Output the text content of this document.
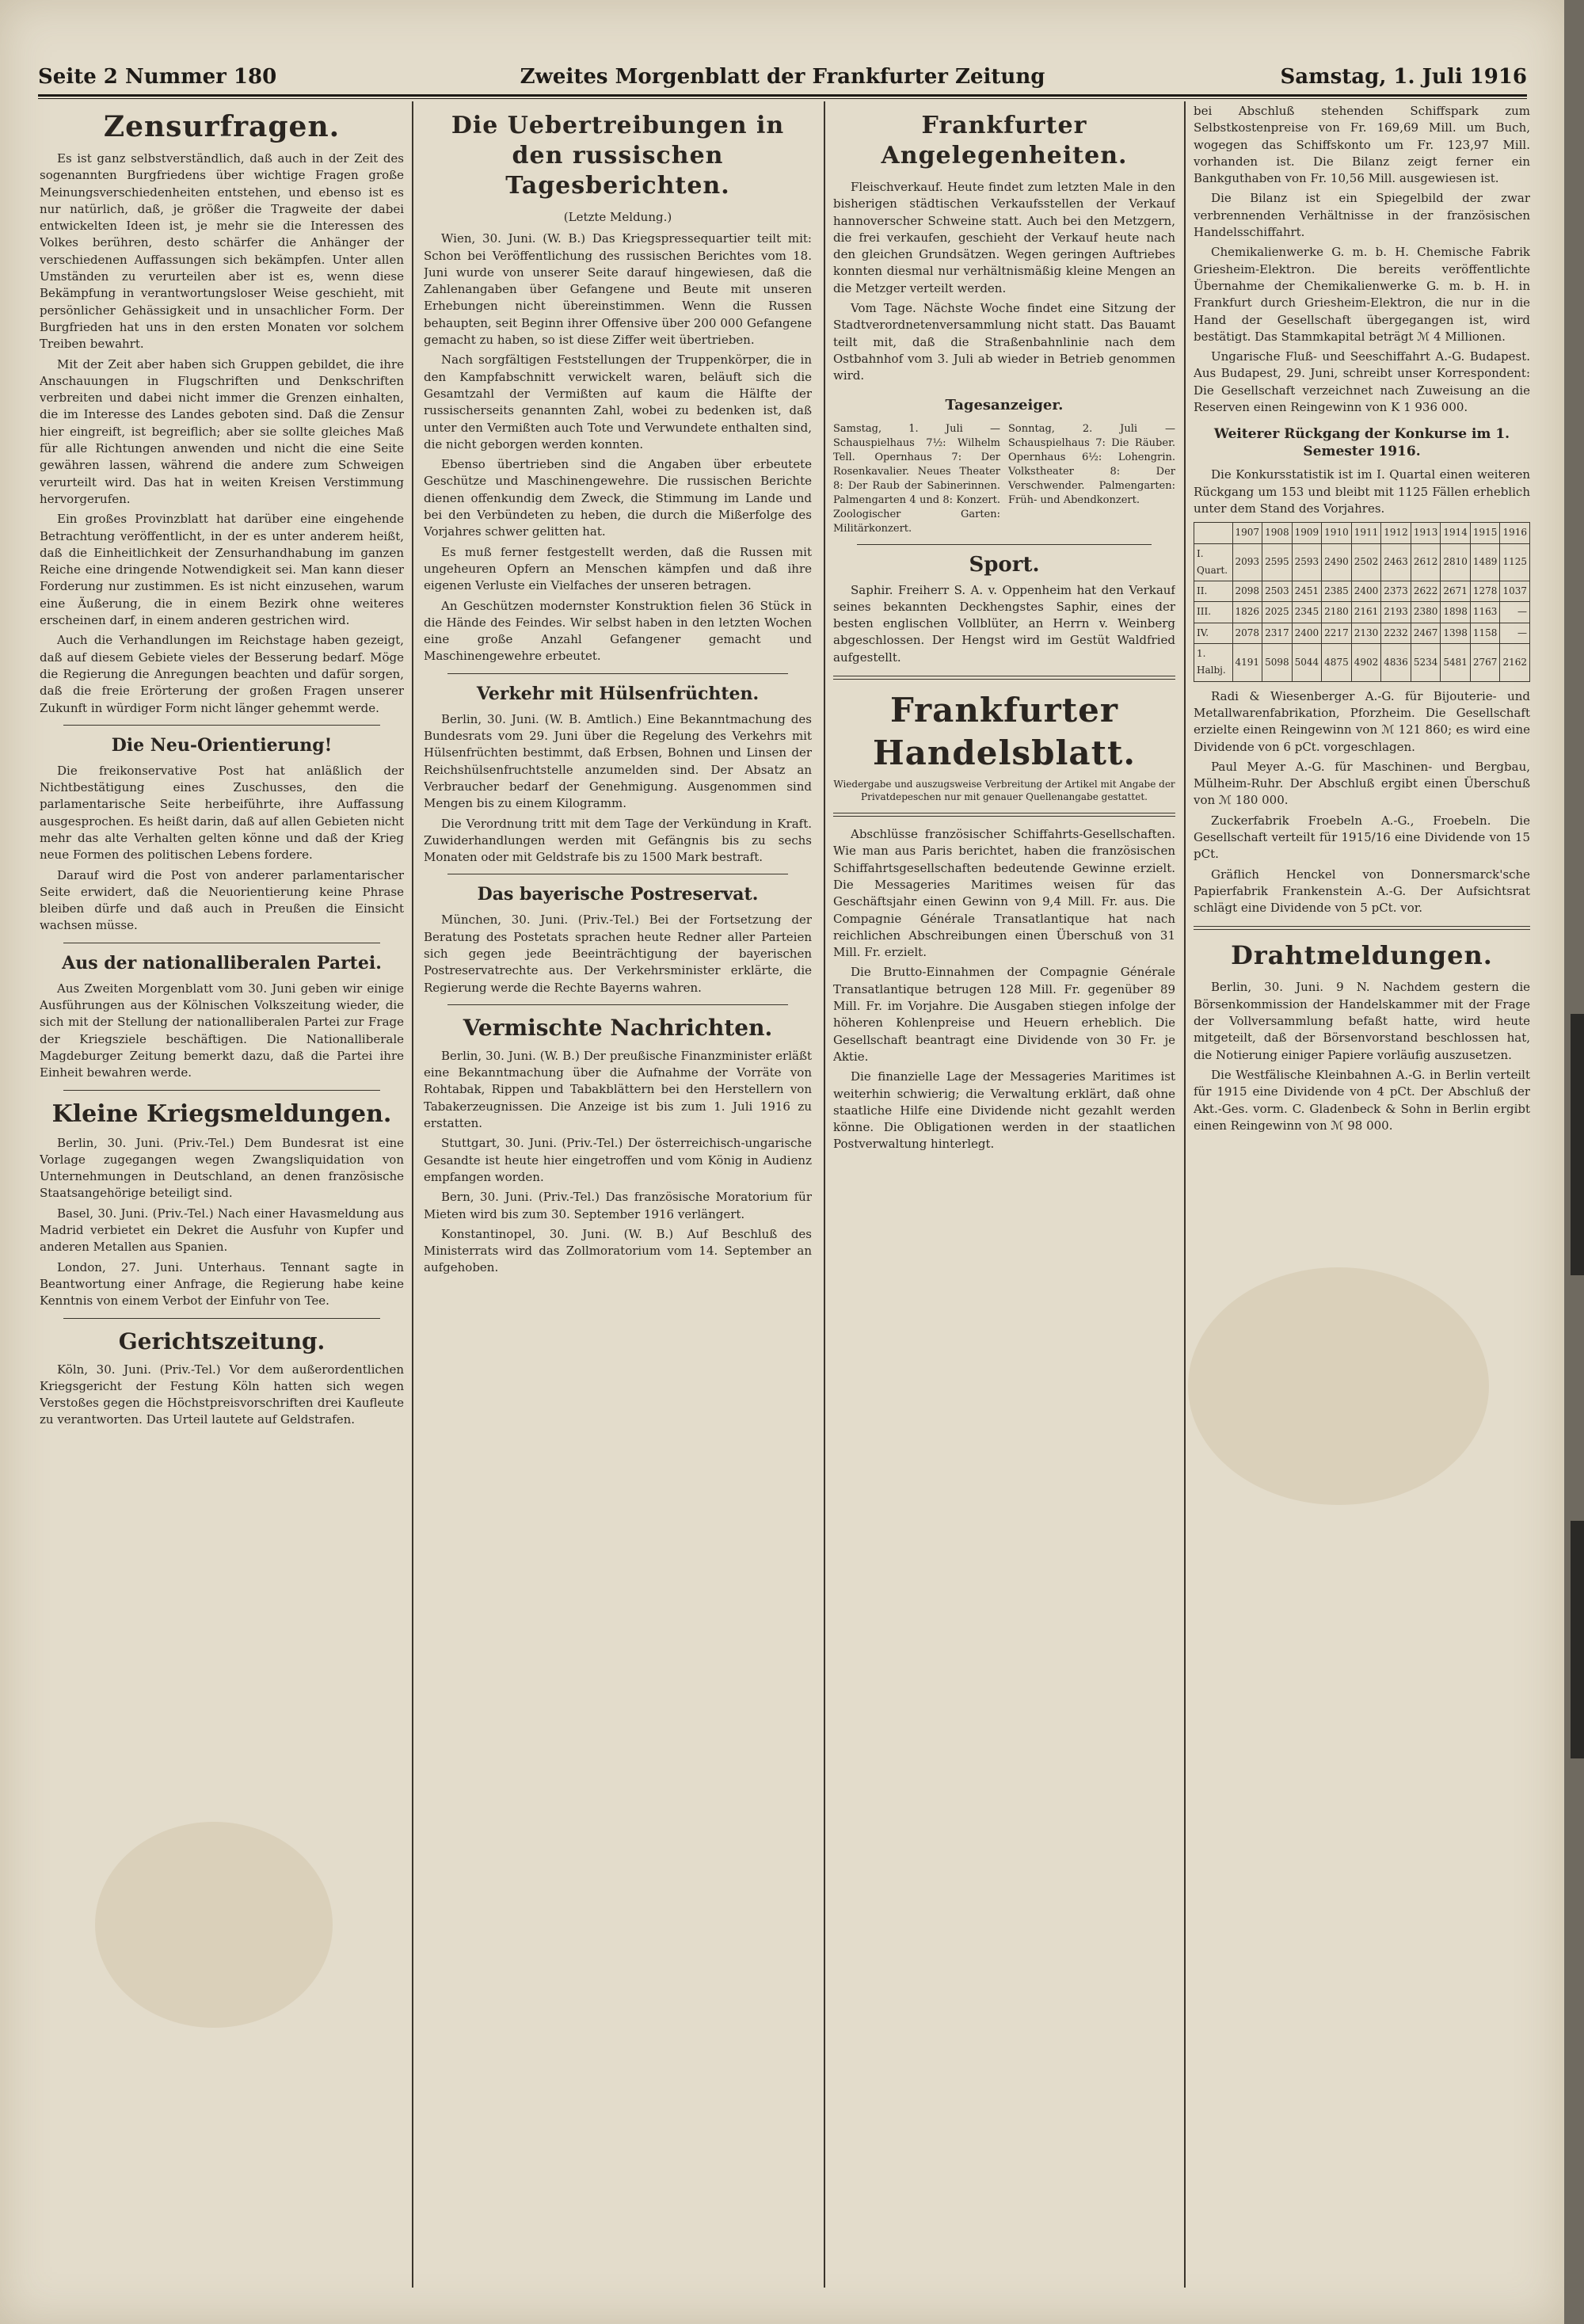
Seite 2 Nummer 180	Zweites Morgenblatt der Frankfurter Zeitung	Samstag, 1. Juli 1916
Zensurfragen.

Es ist ganz selbstverständlich, daß auch in der Zeit des sogenannten Burgfriedens über wichtige Fragen große Meinungsverschiedenheiten entstehen, und ebenso ist es nur natürlich, daß, je größer die Tragweite der dabei entwickelten Ideen ist, je mehr sie die Interessen des Volkes berühren, desto schärfer die Anhänger der verschiedenen Auffassungen sich bekämpfen. Unter allen Umständen zu verurteilen aber ist es, wenn diese Bekämpfung in verantwortungsloser Weise geschieht, mit persönlicher Gehässigkeit und in unsachlicher Form. Der Burgfrieden hat uns in den ersten Monaten vor solchem Treiben bewahrt.

Mit der Zeit aber haben sich Gruppen gebildet, die ihre Anschauungen in Flugschriften und Denkschriften verbreiten und dabei nicht immer die Grenzen einhalten, die im Interesse des Landes geboten sind. Daß die Zensur hier eingreift, ist begreiflich; aber sie sollte gleiches Maß für alle Richtungen anwenden und nicht die eine Seite gewähren lassen, während die andere zum Schweigen verurteilt wird. Das hat in weiten Kreisen Verstimmung hervorgerufen.

Ein großes Provinzblatt hat darüber eine eingehende Betrachtung veröffentlicht, in der es unter anderem heißt, daß die Einheitlichkeit der Zensurhandhabung im ganzen Reiche eine dringende Notwendigkeit sei. Man kann dieser Forderung nur zustimmen. Es ist nicht einzusehen, warum eine Äußerung, die in einem Bezirk ohne weiteres erscheinen darf, in einem anderen gestrichen wird.

Auch die Verhandlungen im Reichstage haben gezeigt, daß auf diesem Gebiete vieles der Besserung bedarf. Möge die Regierung die Anregungen beachten und dafür sorgen, daß die freie Erörterung der großen Fragen unserer Zukunft in würdiger Form nicht länger gehemmt werde.

Die Neu-Orientierung!

Die freikonservative Post hat anläßlich der Nichtbestätigung eines Zuschusses, den die parlamentarische Seite herbeiführte, ihre Auffassung ausgesprochen. Es heißt darin, daß auf allen Gebieten nicht mehr das alte Verhalten gelten könne und daß der Krieg neue Formen des politischen Lebens fordere.

Darauf wird die Post von anderer parlamentarischer Seite erwidert, daß die Neuorientierung keine Phrase bleiben dürfe und daß auch in Preußen die Einsicht wachsen müsse.

Aus der nationalliberalen Partei.

Aus Zweiten Morgenblatt vom 30. Juni geben wir einige Ausführungen aus der Kölnischen Volkszeitung wieder, die sich mit der Stellung der nationalliberalen Partei zur Frage der Kriegsziele beschäftigen. Die Nationalliberale Magdeburger Zeitung bemerkt dazu, daß die Partei ihre Einheit bewahren werde.

Kleine Kriegsmeldungen.

Berlin, 30. Juni. (Priv.-Tel.) Dem Bundesrat ist eine Vorlage zugegangen wegen Zwangsliquidation von Unternehmungen in Deutschland, an denen französische Staatsangehörige beteiligt sind.

Basel, 30. Juni. (Priv.-Tel.) Nach einer Havasmeldung aus Madrid verbietet ein Dekret die Ausfuhr von Kupfer und anderen Metallen aus Spanien.

London, 27. Juni. Unterhaus. Tennant sagte in Beantwortung einer Anfrage, die Regierung habe keine Kenntnis von einem Verbot der Einfuhr von Tee.

Gerichtszeitung.

Köln, 30. Juni. (Priv.-Tel.) Vor dem außerordentlichen Kriegsgericht der Festung Köln hatten sich wegen Verstoßes gegen die Höchstpreisvorschriften drei Kaufleute zu verantworten. Das Urteil lautete auf Geldstrafen.

Die Uebertreibungen in den russischen Tagesberichten.
(Letzte Meldung.)

Wien, 30. Juni. (W. B.) Das Kriegspressequartier teilt mit: Schon bei Veröffentlichung des russischen Berichtes vom 18. Juni wurde von unserer Seite darauf hingewiesen, daß die Zahlenangaben über Gefangene und Beute mit unseren Erhebungen nicht übereinstimmen. Wenn die Russen behaupten, seit Beginn ihrer Offensive über 200 000 Gefangene gemacht zu haben, so ist diese Ziffer weit übertrieben.

Nach sorgfältigen Feststellungen der Truppenkörper, die in den Kampfabschnitt verwickelt waren, beläuft sich die Gesamtzahl der Vermißten auf kaum die Hälfte der russischerseits genannten Zahl, wobei zu bedenken ist, daß unter den Vermißten auch Tote und Verwundete enthalten sind, die nicht geborgen werden konnten.

Ebenso übertrieben sind die Angaben über erbeutete Geschütze und Maschinengewehre. Die russischen Berichte dienen offenkundig dem Zweck, die Stimmung im Lande und bei den Verbündeten zu heben, die durch die Mißerfolge des Vorjahres schwer gelitten hat.

Es muß ferner festgestellt werden, daß die Russen mit ungeheuren Opfern an Menschen kämpfen und daß ihre eigenen Verluste ein Vielfaches der unseren betragen.

An Geschützen modernster Konstruktion fielen 36 Stück in die Hände des Feindes. Wir selbst haben in den letzten Wochen eine große Anzahl Gefangener gemacht und Maschinengewehre erbeutet.

Verkehr mit Hülsenfrüchten.

Berlin, 30. Juni. (W. B. Amtlich.) Eine Bekanntmachung des Bundesrats vom 29. Juni über die Regelung des Verkehrs mit Hülsenfrüchten bestimmt, daß Erbsen, Bohnen und Linsen der Reichshülsenfruchtstelle anzumelden sind. Der Absatz an Verbraucher bedarf der Genehmigung. Ausgenommen sind Mengen bis zu einem Kilogramm.

Die Verordnung tritt mit dem Tage der Verkündung in Kraft. Zuwiderhandlungen werden mit Gefängnis bis zu sechs Monaten oder mit Geldstrafe bis zu 1500 Mark bestraft.

Das bayerische Postreservat.

München, 30. Juni. (Priv.-Tel.) Bei der Fortsetzung der Beratung des Postetats sprachen heute Redner aller Parteien sich gegen jede Beeinträchtigung der bayerischen Postreservatrechte aus. Der Verkehrsminister erklärte, die Regierung werde die Rechte Bayerns wahren.

Vermischte Nachrichten.

Berlin, 30. Juni. (W. B.) Der preußische Finanzminister erläßt eine Bekanntmachung über die Aufnahme der Vorräte von Rohtabak, Rippen und Tabakblättern bei den Herstellern von Tabakerzeugnissen. Die Anzeige ist bis zum 1. Juli 1916 zu erstatten.

Stuttgart, 30. Juni. (Priv.-Tel.) Der österreichisch-ungarische Gesandte ist heute hier eingetroffen und vom König in Audienz empfangen worden.

Bern, 30. Juni. (Priv.-Tel.) Das französische Moratorium für Mieten wird bis zum 30. September 1916 verlängert.

Konstantinopel, 30. Juni. (W. B.) Auf Beschluß des Ministerrats wird das Zollmoratorium vom 14. September an aufgehoben.

Frankfurter Angelegenheiten.

Fleischverkauf. Heute findet zum letzten Male in den bisherigen städtischen Verkaufsstellen der Verkauf hannoverscher Schweine statt. Auch bei den Metzgern, die frei verkaufen, geschieht der Verkauf heute nach den gleichen Grundsätzen. Wegen geringen Auftriebes konnten diesmal nur verhältnismäßig kleine Mengen an die Metzger verteilt werden.

Vom Tage. Nächste Woche findet eine Sitzung der Stadtverordnetenversammlung nicht statt. Das Bauamt teilt mit, daß die Straßenbahnlinie nach dem Ostbahnhof vom 3. Juli ab wieder in Betrieb genommen wird.

Tagesanzeiger.
Samstag, 1. Juli — Schauspielhaus 7½: Wilhelm Tell. Opernhaus 7: Der Rosenkavalier. Neues Theater 8: Der Raub der Sabinerinnen. Palmengarten 4 und 8: Konzert. Zoologischer Garten: Militärkonzert.
Sonntag, 2. Juli — Schauspielhaus 7: Die Räuber. Opernhaus 6½: Lohengrin. Volkstheater 8: Der Verschwender. Palmengarten: Früh- und Abendkonzert.
Sport.

Saphir. Freiherr S. A. v. Oppenheim hat den Verkauf seines bekannten Deckhengstes Saphir, eines der besten englischen Vollblüter, an Herrn v. Weinberg abgeschlossen. Der Hengst wird im Gestüt Waldfried aufgestellt.

Frankfurter Handelsblatt.
Wiedergabe und auszugsweise Verbreitung der Artikel mit Angabe der Privatdepeschen nur mit genauer Quellenangabe gestattet.

Abschlüsse französischer Schiffahrts-Gesellschaften. Wie man aus Paris berichtet, haben die französischen Schiffahrtsgesellschaften bedeutende Gewinne erzielt. Die Messageries Maritimes weisen für das Geschäftsjahr einen Gewinn von 9,4 Mill. Fr. aus. Die Compagnie Générale Transatlantique hat nach reichlichen Abschreibungen einen Überschuß von 31 Mill. Fr. erzielt.

Die Brutto-Einnahmen der Compagnie Générale Transatlantique betrugen 128 Mill. Fr. gegenüber 89 Mill. Fr. im Vorjahre. Die Ausgaben stiegen infolge der höheren Kohlenpreise und Heuern erheblich. Die Gesellschaft beantragt eine Dividende von 30 Fr. je Aktie.

Die finanzielle Lage der Messageries Maritimes ist weiterhin schwierig; die Verwaltung erklärt, daß ohne staatliche Hilfe eine Dividende nicht gezahlt werden könne. Die Obligationen werden in der staatlichen Postverwaltung hinterlegt.

bei Abschluß stehenden Schiffspark zum Selbstkostenpreise von Fr. 169,69 Mill. um Buch, wogegen das Schiffskonto um Fr. 123,97 Mill. vorhanden ist. Die Bilanz zeigt ferner ein Bankguthaben von Fr. 10,56 Mill. ausgewiesen ist.

Die Bilanz ist ein Spiegelbild der zwar verbrennenden Verhältnisse in der französischen Handelsschiffahrt.

Chemikalienwerke G. m. b. H. Chemische Fabrik Griesheim-Elektron. Die bereits veröffentlichte Übernahme der Chemikalienwerke G. m. b. H. in Frankfurt durch Griesheim-Elektron, die nur in die Hand der Gesellschaft übergegangen ist, wird bestätigt. Das Stammkapital beträgt ℳ 4 Millionen.

Ungarische Fluß- und Seeschiffahrt A.-G. Budapest. Aus Budapest, 29. Juni, schreibt unser Korrespondent: Die Gesellschaft verzeichnet nach Zuweisung an die Reserven einen Reingewinn von K 1 936 000.

Weiterer Rückgang der Konkurse im 1. Semester 1916.

Die Konkursstatistik ist im I. Quartal einen weiteren Rückgang um 153 und bleibt mit 1125 Fällen erheblich unter dem Stand des Vorjahres.

	1907	1908	1909	1910	1911	1912	1913	1914	1915	1916
I. Quart.	2093	2595	2593	2490	2502	2463	2612	2810	1489	1125
II.	2098	2503	2451	2385	2400	2373	2622	2671	1278	1037
III.	1826	2025	2345	2180	2161	2193	2380	1898	1163	—
IV.	2078	2317	2400	2217	2130	2232	2467	1398	1158	—
1. Halbj.	4191	5098	5044	4875	4902	4836	5234	5481	2767	2162

Radi & Wiesenberger A.-G. für Bijouterie- und Metallwarenfabrikation, Pforzheim. Die Gesellschaft erzielte einen Reingewinn von ℳ 121 860; es wird eine Dividende von 6 pCt. vorgeschlagen.

Paul Meyer A.-G. für Maschinen- und Bergbau, Mülheim-Ruhr. Der Abschluß ergibt einen Überschuß von ℳ 180 000.

Zuckerfabrik Froebeln A.-G., Froebeln. Die Gesellschaft verteilt für 1915/16 eine Dividende von 15 pCt.

Gräflich Henckel von Donnersmarck'sche Papierfabrik Frankenstein A.-G. Der Aufsichtsrat schlägt eine Dividende von 5 pCt. vor.

Drahtmeldungen.

Berlin, 30. Juni. 9 N. Nachdem gestern die Börsenkommission der Handelskammer mit der Frage der Vollversammlung befaßt hatte, wird heute mitgeteilt, daß der Börsenvorstand beschlossen hat, die Notierung einiger Papiere vorläufig auszusetzen.

Die Westfälische Kleinbahnen A.-G. in Berlin verteilt für 1915 eine Dividende von 4 pCt. Der Abschluß der Akt.-Ges. vorm. C. Gladenbeck & Sohn in Berlin ergibt einen Reingewinn von ℳ 98 000.
